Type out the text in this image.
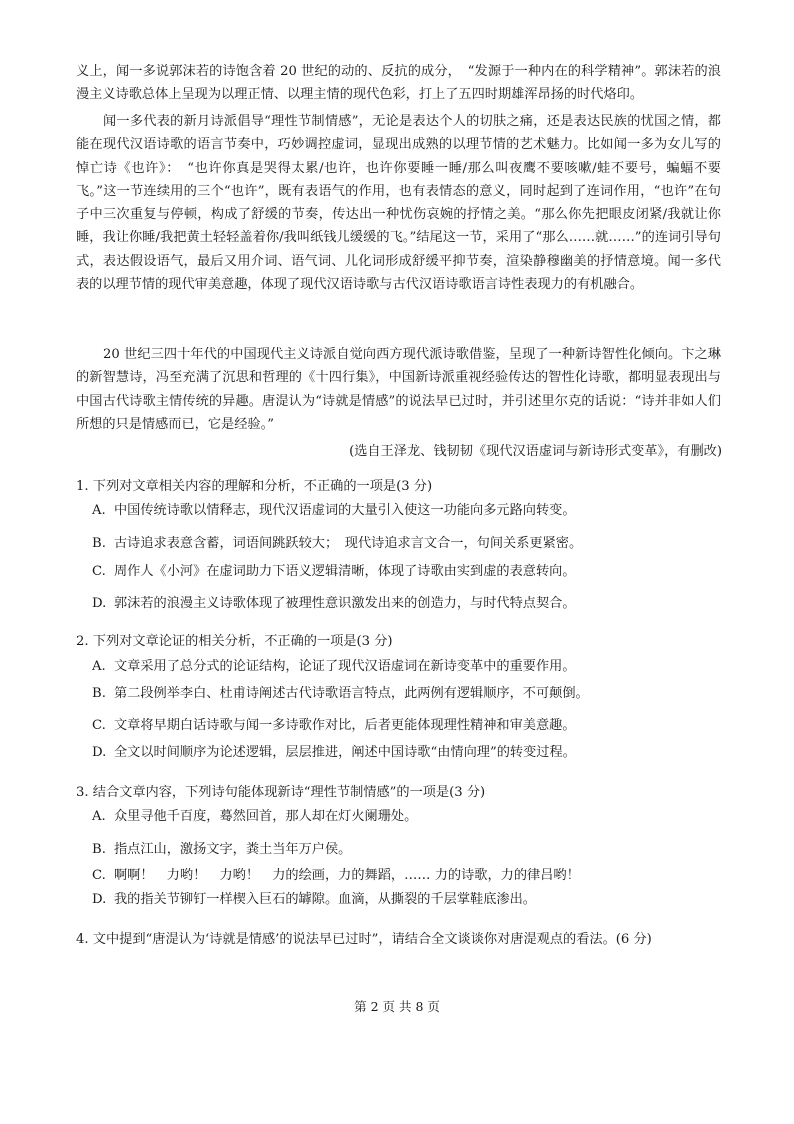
义上，闻一多说郭沫若的诗饱含着 20 世纪的动的、反抗的成分，　“发源于一种内在的科学精神”。郭沫若的浪漫主义诗歌总体上呈现为以理正情、以理主情的现代色彩，打上了五四时期雄浑昂扬的时代烙印。

闻一多代表的新月诗派倡导“理性节制情感”，无论是表达个人的切肤之痛，还是表达民族的忧国之情，都能在现代汉语诗歌的语言节奏中，巧妙调控虚词，显现出成熟的以理节情的艺术魅力。比如闻一多为女儿写的悼亡诗《也许》：　“也许你真是哭得太累/也许，也许你要睡一睡/那么叫夜鹰不要咳嗽/蛙不要号，蝙蝠不要飞。”这一节连续用的三个“也许”，既有表语气的作用，也有表情态的意义，同时起到了连词作用，“也许”在句子中三次重复与停顿，构成了舒缓的节奏，传达出一种忧伤哀婉的抒情之美。“那么你先把眼皮闭紧/我就让你睡，我让你睡/我把黄土轻轻盖着你/我叫纸钱儿缓缓的飞。”结尾这一节，采用了“那么……就……”的连词引导句式，表达假设语气，最后又用介词、语气词、儿化词形成舒缓平抑节奏，渲染静穆幽美的抒情意境。闻一多代表的以理节情的现代审美意趣，体现了现代汉语诗歌与古代汉语诗歌语言诗性表现力的有机融合。

20 世纪三四十年代的中国现代主义诗派自觉向西方现代派诗歌借鉴，呈现了一种新诗智性化倾向。卞之琳的新智慧诗，冯至充满了沉思和哲理的《十四行集》，中国新诗派重视经验传达的智性化诗歌，都明显表现出与中国古代诗歌主情传统的异趣。唐湜认为“诗就是情感”的说法早已过时，并引述里尔克的话说：“诗并非如人们所想的只是情感而已，它是经验。”

(选自王泽龙、钱韧韧《现代汉语虚词与新诗形式变革》，有删改)

1. 下列对文章相关内容的理解和分析，不正确的一项是(3 分)

A. 中国传统诗歌以情释志，现代汉语虚词的大量引入使这一功能向多元路向转变。

B. 古诗追求表意含蓄，词语间跳跃较大；　现代诗追求言文合一，句间关系更紧密。

C. 周作人《小河》在虚词助力下语义逻辑清晰，体现了诗歌由实到虚的表意转向。

D. 郭沫若的浪漫主义诗歌体现了被理性意识激发出来的创造力，与时代特点契合。

2. 下列对文章论证的相关分析，不正确的一项是(3 分)

A. 文章采用了总分式的论证结构，论证了现代汉语虚词在新诗变革中的重要作用。

B. 第二段例举李白、杜甫诗阐述古代诗歌语言特点，此两例有逻辑顺序，不可颠倒。

C. 文章将早期白话诗歌与闻一多诗歌作对比，后者更能体现理性精神和审美意趣。

D. 全文以时间顺序为论述逻辑，层层推进，阐述中国诗歌“由情向理”的转变过程。

3. 结合文章内容，下列诗句能体现新诗“理性节制情感”的一项是(3 分)

A. 众里寻他千百度，蓦然回首，那人却在灯火阑珊处。

B. 指点江山，激扬文字，粪土当年万户侯。

C. 啊啊！　力哟！　力哟！　力的绘画，力的舞蹈，…… 力的诗歌，力的律吕哟！

D. 我的指关节铆钉一样楔入巨石的罅隙。血滴，从撕裂的千层掌鞋底渗出。

4. 文中提到“唐湜认为‘诗就是情感’的说法早已过时”，请结合全文谈谈你对唐湜观点的看法。(6 分)

第 2 页 共 8 页
